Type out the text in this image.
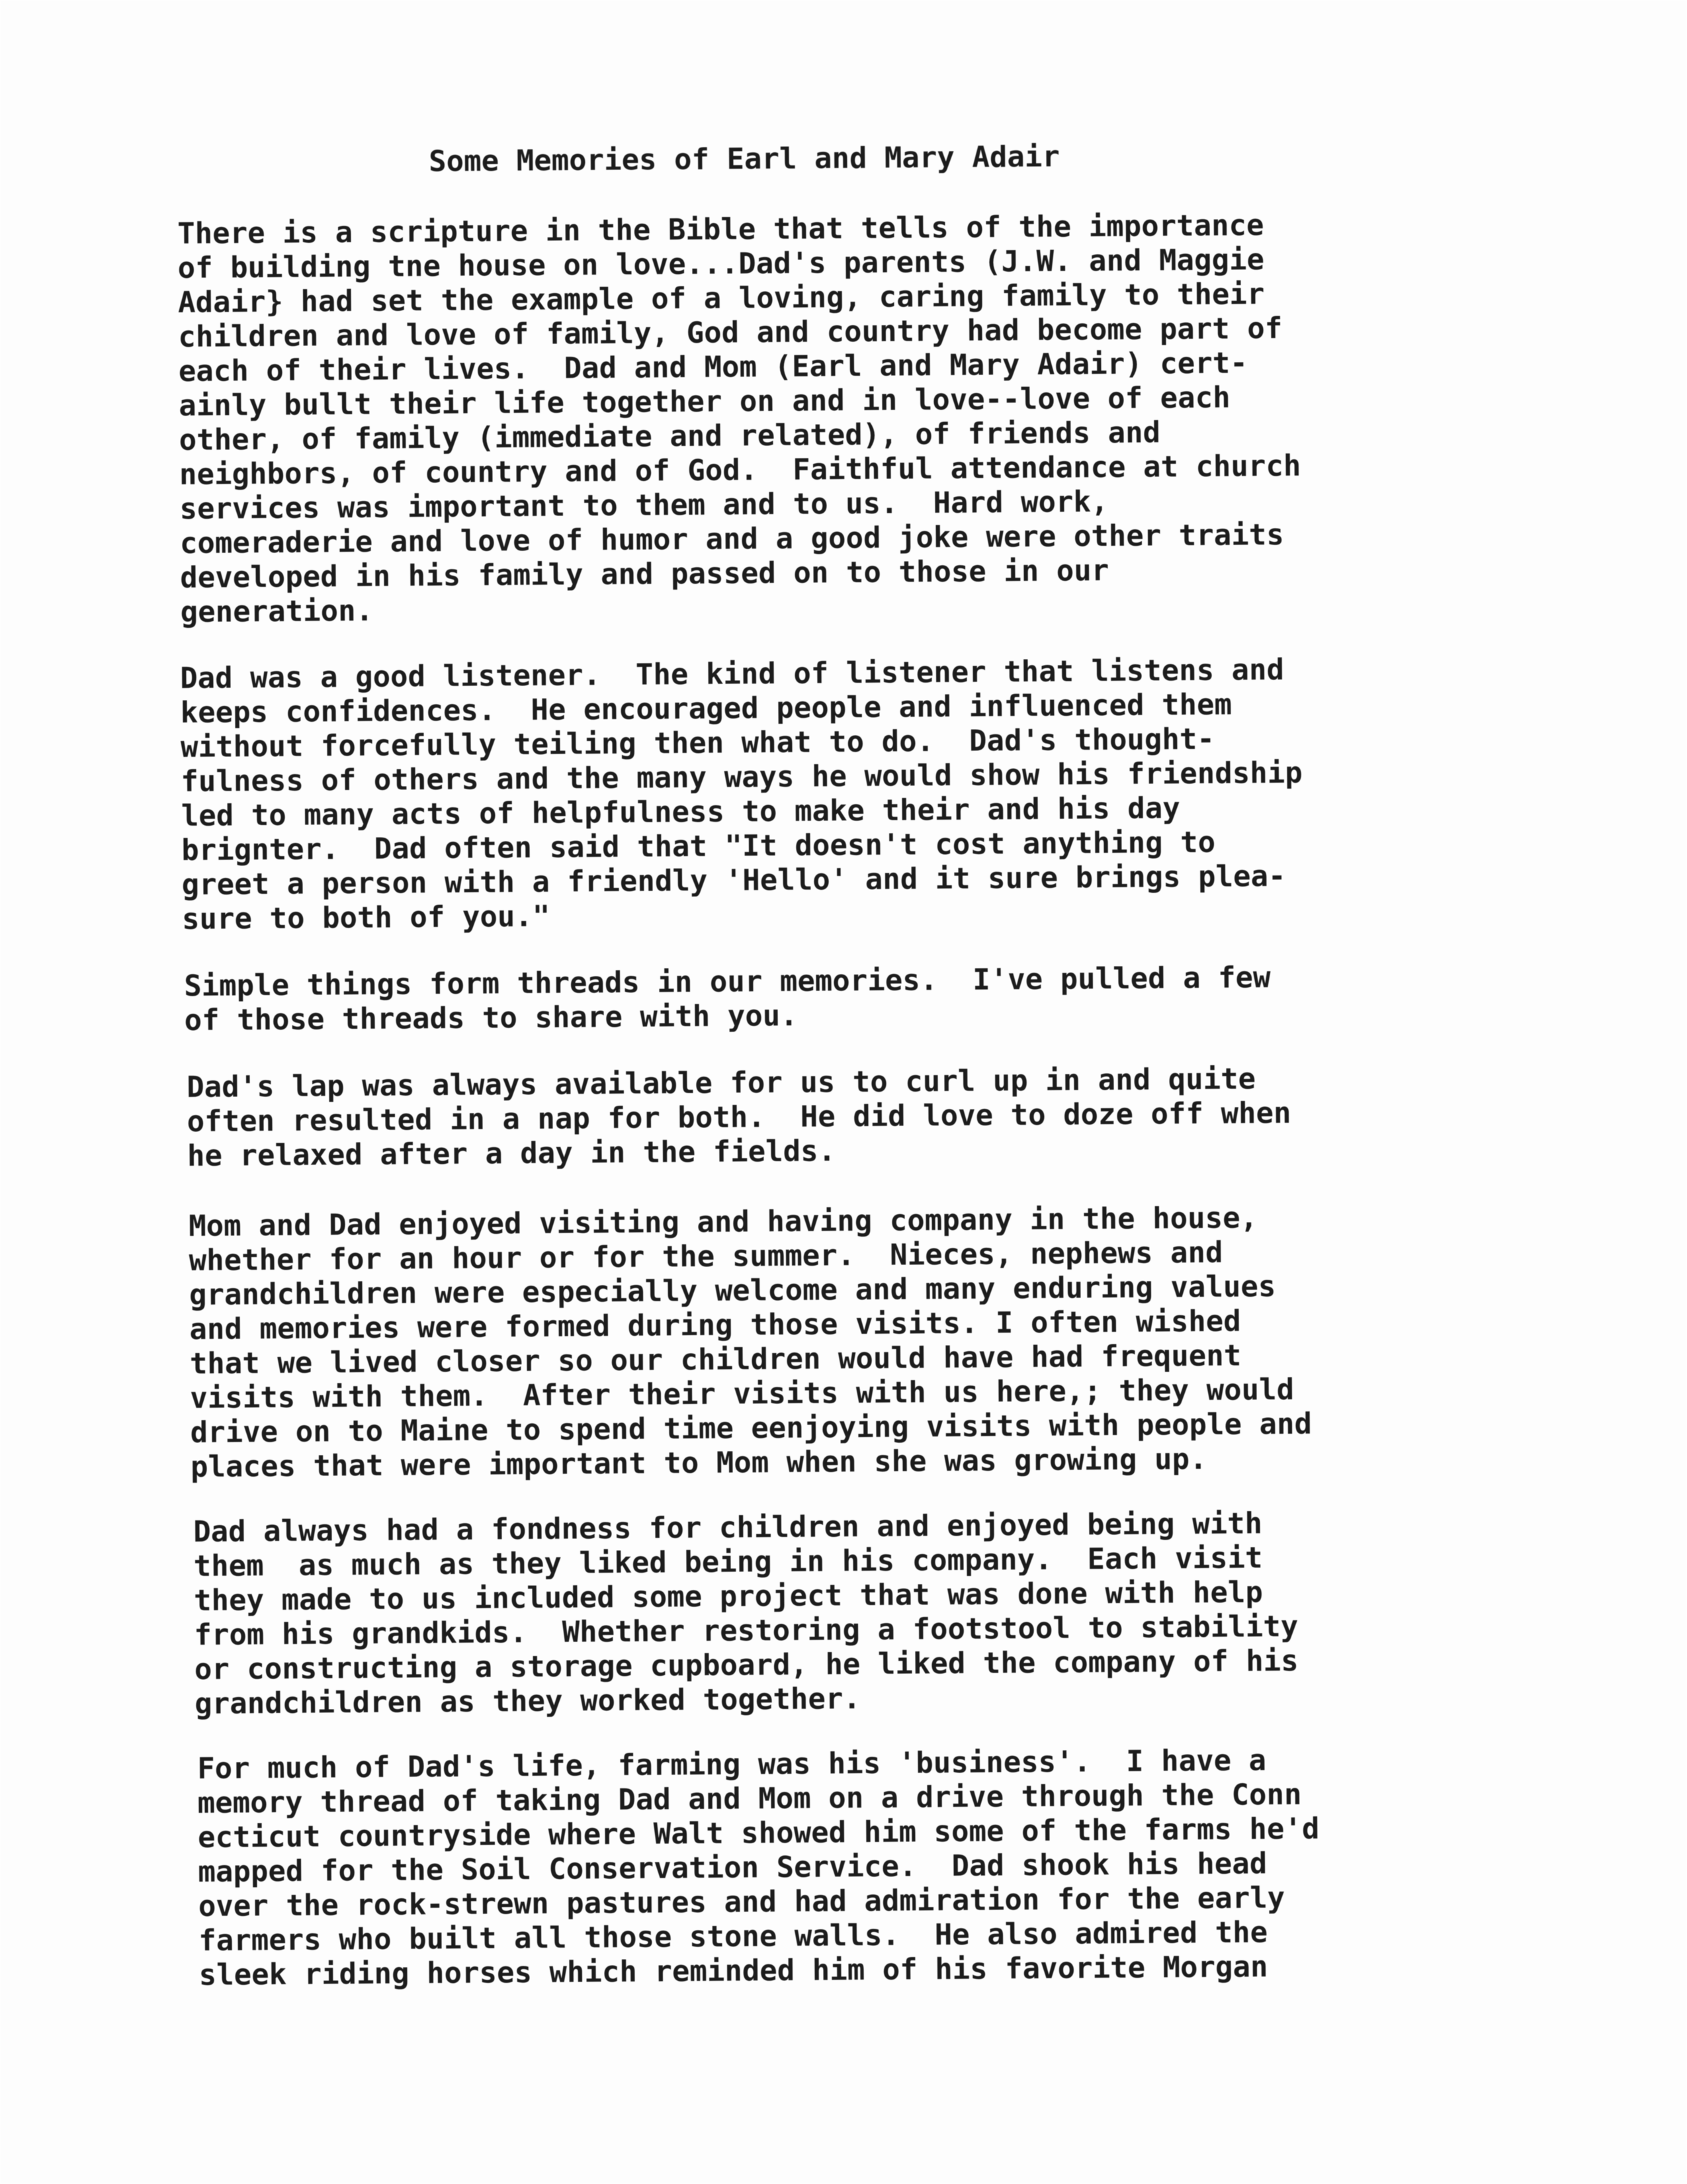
Some Memories of Earl and Mary Adair
There is a scripture in the Bible that tells of the importance
of building tne house on love...Dad's parents (J.W. and Maggie
Adair} had set the example of a loving, caring family to their
children and love of family, God and country had become part of
each of their lives.  Dad and Mom (Earl and Mary Adair) cert-
ainly bullt their life together on and in love--love of each
other, of family (immediate and related), of friends and
neighbors, of country and of God.  Faithful attendance at church
services was important to them and to us.  Hard work,
comeraderie and love of humor and a good joke were other traits
developed in his family and passed on to those in our
generation.
Dad was a good listener.  The kind of listener that listens and
keeps confidences.  He encouraged people and influenced them
without forcefully teiling then what to do.  Dad's thought-
fulness of others and the many ways he would show his friendship
led to many acts of helpfulness to make their and his day
brignter.  Dad often said that "It doesn't cost anything to
greet a person with a friendly 'Hello' and it sure brings plea-
sure to both of you."
Simple things form threads in our memories.  I've pulled a few
of those threads to share with you.
Dad's lap was always available for us to curl up in and quite
often resulted in a nap for both.  He did love to doze off when
he relaxed after a day in the fields.
Mom and Dad enjoyed visiting and having company in the house,
whether for an hour or for the summer.  Nieces, nephews and
grandchildren were especially welcome and many enduring values
and memories were formed during those visits. I often wished
that we lived closer so our children would have had frequent
visits with them.  After their visits with us here,; they would
drive on to Maine to spend time eenjoying visits with people and
places that were important to Mom when she was growing up.
Dad always had a fondness for children and enjoyed being with
them  as much as they liked being in his company.  Each visit
they made to us included some project that was done with help
from his grandkids.  Whether restoring a footstool to stability
or constructing a storage cupboard, he liked the company of his
grandchildren as they worked together.
For much of Dad's life, farming was his 'business'.  I have a
memory thread of taking Dad and Mom on a drive through the Conn
ecticut countryside where Walt showed him some of the farms he'd
mapped for the Soil Conservation Service.  Dad shook his head
over the rock-strewn pastures and had admiration for the early
farmers who built all those stone walls.  He also admired the
sleek riding horses which reminded him of his favorite Morgan
